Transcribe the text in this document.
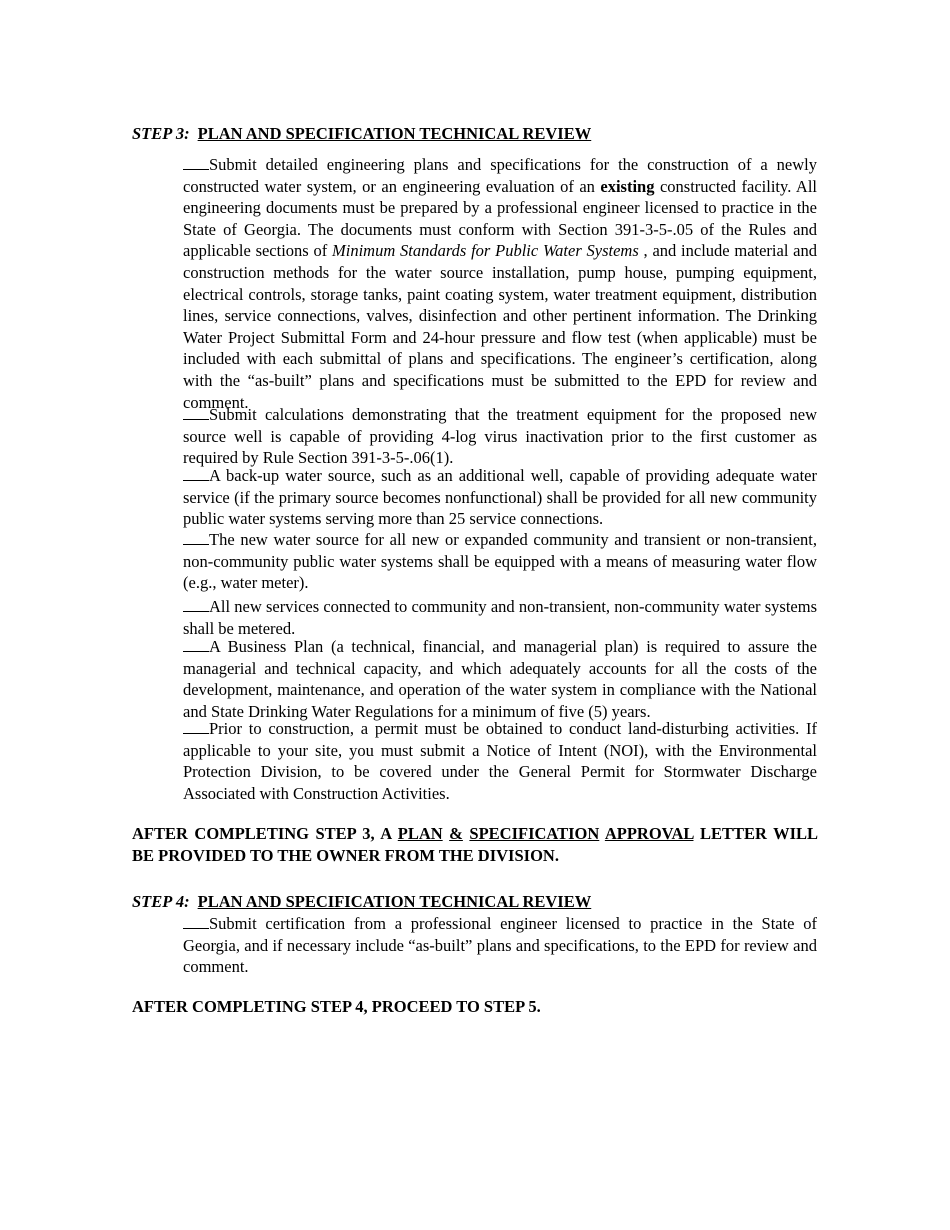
STEP 3: PLAN AND SPECIFICATION TECHNICAL REVIEW
Submit detailed engineering plans and specifications for the construction of a newly constructed water system, or an engineering evaluation of an existing constructed facility. All engineering documents must be prepared by a professional engineer licensed to practice in the State of Georgia. The documents must conform with Section 391-3-5-.05 of the Rules and applicable sections of Minimum Standards for Public Water Systems , and include material and construction methods for the water source installation, pump house, pumping equipment, electrical controls, storage tanks, paint coating system, water treatment equipment, distribution lines, service connections, valves, disinfection and other pertinent information. The Drinking Water Project Submittal Form and 24-hour pressure and flow test (when applicable) must be included with each submittal of plans and specifications. The engineer’s certification, along with the “as-built” plans and specifications must be submitted to the EPD for review and comment.
Submit calculations demonstrating that the treatment equipment for the proposed new source well is capable of providing 4-log virus inactivation prior to the first customer as required by Rule Section 391-3-5-.06(1).
A back-up water source, such as an additional well, capable of providing adequate water service (if the primary source becomes nonfunctional) shall be provided for all new community public water systems serving more than 25 service connections.
The new water source for all new or expanded community and transient or non-transient, non-community public water systems shall be equipped with a means of measuring water flow (e.g., water meter).
All new services connected to community and non-transient, non-community water systems shall be metered.
A Business Plan (a technical, financial, and managerial plan) is required to assure the managerial and technical capacity, and which adequately accounts for all the costs of the development, maintenance, and operation of the water system in compliance with the National and State Drinking Water Regulations for a minimum of five (5) years.
Prior to construction, a permit must be obtained to conduct land-disturbing activities. If applicable to your site, you must submit a Notice of Intent (NOI), with the Environmental Protection Division, to be covered under the General Permit for Stormwater Discharge Associated with Construction Activities.
AFTER COMPLETING STEP 3, A PLAN & SPECIFICATION APPROVAL LETTER WILL BE PROVIDED TO THE OWNER FROM THE DIVISION.
STEP 4: PLAN AND SPECIFICATION TECHNICAL REVIEW
Submit certification from a professional engineer licensed to practice in the State of Georgia, and if necessary include “as-built” plans and specifications, to the EPD for review and comment.
AFTER COMPLETING STEP 4, PROCEED TO STEP 5.
